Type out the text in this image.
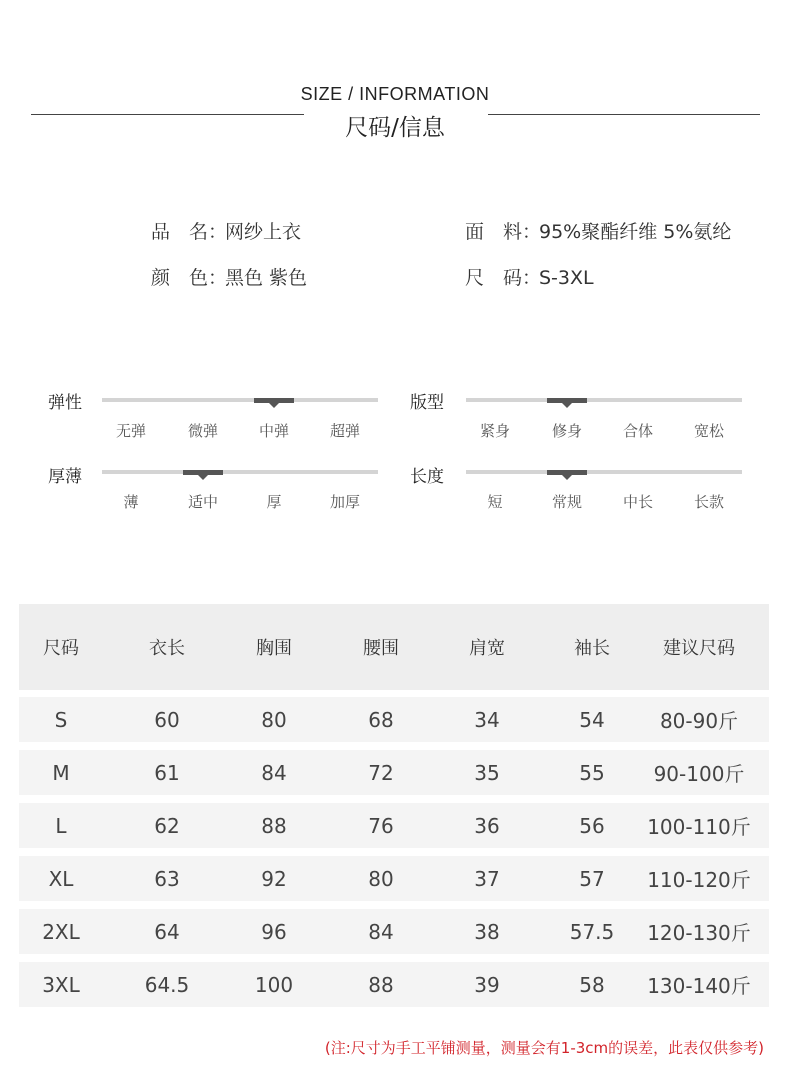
SIZE / INFORMATION
尺码/信息
品　名：网纱上衣	面　料：95%聚酯纤维 5%氨纶
颜　色：黑色 紫色	尺　码：S-3XL
弹性
无弹	微弹	中弹	超弹
版型
紧身	修身	合体	宽松
厚薄
薄	适中	厚	加厚
长度
短	常规	中长	长款
尺码	衣长	胸围	腰围	肩宽	袖长	建议尺码
S	60	80	68	34	54	80-90斤
M	61	84	72	35	55	90-100斤
L	62	88	76	36	56	100-110斤
XL	63	92	80	37	57	110-120斤
2XL	64	96	84	38	57.5	120-130斤
3XL	64.5	100	88	39	58	130-140斤
(注:尺寸为手工平铺测量，测量会有1-3cm的误差，此表仅供参考)
